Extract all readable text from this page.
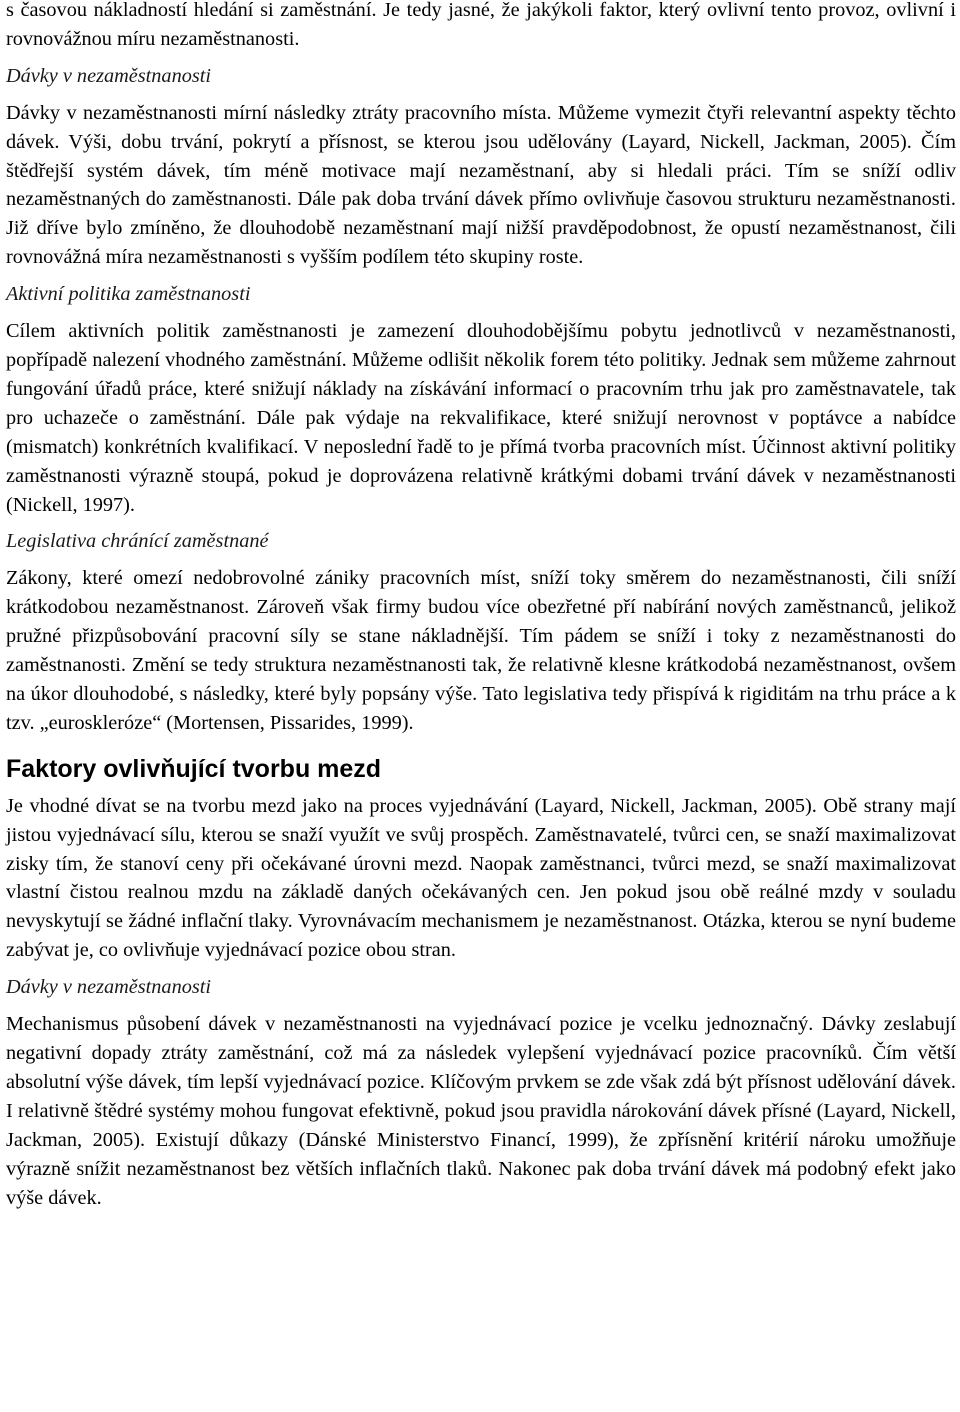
s časovou nákladností hledání si zaměstnání. Je tedy jasné, že jakýkoli faktor, který ovlivní tento provoz, ovlivní i rovnovážnou míru nezaměstnanosti.

Dávky v nezaměstnanosti

Dávky v nezaměstnanosti mírní následky ztráty pracovního místa. Můžeme vymezit čtyři relevantní aspekty těchto dávek. Výši, dobu trvání, pokrytí a přísnost, se kterou jsou udělovány (Layard, Nickell, Jackman, 2005). Čím štědřejší systém dávek, tím méně motivace mají nezaměstnaní, aby si hledali práci. Tím se sníží odliv nezaměstnaných do zaměstnanosti. Dále pak doba trvání dávek přímo ovlivňuje časovou strukturu nezaměstnanosti. Již dříve bylo zmíněno, že dlouhodobě nezaměstnaní mají nižší pravděpodobnost, že opustí nezaměstnanost, čili rovnovážná míra nezaměstnanosti s vyšším podílem této skupiny roste.

Aktivní politika zaměstnanosti

Cílem aktivních politik zaměstnanosti je zamezení dlouhodobějšímu pobytu jednotlivců v nezaměstnanosti, popřípadě nalezení vhodného zaměstnání. Můžeme odlišit několik forem této politiky. Jednak sem můžeme zahrnout fungování úřadů práce, které snižují náklady na získávání informací o pracovním trhu jak pro zaměstnavatele, tak pro uchazeče o zaměstnání. Dále pak výdaje na rekvalifikace, které snižují nerovnost v poptávce a nabídce (mismatch) konkrétních kvalifikací. V neposlední řadě to je přímá tvorba pracovních míst. Účinnost aktivní politiky zaměstnanosti výrazně stoupá, pokud je doprovázena relativně krátkými dobami trvání dávek v nezaměstnanosti (Nickell, 1997).

Legislativa chránící zaměstnané

Zákony, které omezí nedobrovolné zániky pracovních míst, sníží toky směrem do nezaměstnanosti, čili sníží krátkodobou nezaměstnanost. Zároveň však firmy budou více obezřetné pří nabírání nových zaměstnanců, jelikož pružné přizpůsobování pracovní síly se stane nákladnější. Tím pádem se sníží i toky z nezaměstnanosti do zaměstnanosti. Změní se tedy struktura nezaměstnanosti tak, že relativně klesne krátkodobá nezaměstnanost, ovšem na úkor dlouhodobé, s následky, které byly popsány výše. Tato legislativa tedy přispívá k rigiditám na trhu práce a k tzv. „euroskleróze“ (Mortensen, Pissarides, 1999).

Faktory ovlivňující tvorbu mezd

Je vhodné dívat se na tvorbu mezd jako na proces vyjednávání (Layard, Nickell, Jackman, 2005). Obě strany mají jistou vyjednávací sílu, kterou se snaží využít ve svůj prospěch. Zaměstnavatelé, tvůrci cen, se snaží maximalizovat zisky tím, že stanoví ceny při očekávané úrovni mezd. Naopak zaměstnanci, tvůrci mezd, se snaží maximalizovat vlastní čistou realnou mzdu na základě daných očekávaných cen. Jen pokud jsou obě reálné mzdy v souladu nevyskytují se žádné inflační tlaky. Vyrovnávacím mechanismem je nezaměstnanost. Otázka, kterou se nyní budeme zabývat je, co ovlivňuje vyjednávací pozice obou stran.

Dávky v nezaměstnanosti

Mechanismus působení dávek v nezaměstnanosti na vyjednávací pozice je vcelku jednoznačný. Dávky zeslabují negativní dopady ztráty zaměstnání, což má za následek vylepšení vyjednávací pozice pracovníků. Čím větší absolutní výše dávek, tím lepší vyjednávací pozice. Klíčovým prvkem se zde však zdá být přísnost udělování dávek. I relativně štědré systémy mohou fungovat efektivně, pokud jsou pravidla nárokování dávek přísné (Layard, Nickell, Jackman, 2005). Existují důkazy (Dánské Ministerstvo Financí, 1999), že zpřísnění kritérií nároku umožňuje výrazně snížit nezaměstnanost bez větších inflačních tlaků. Nakonec pak doba trvání dávek má podobný efekt jako výše dávek.
